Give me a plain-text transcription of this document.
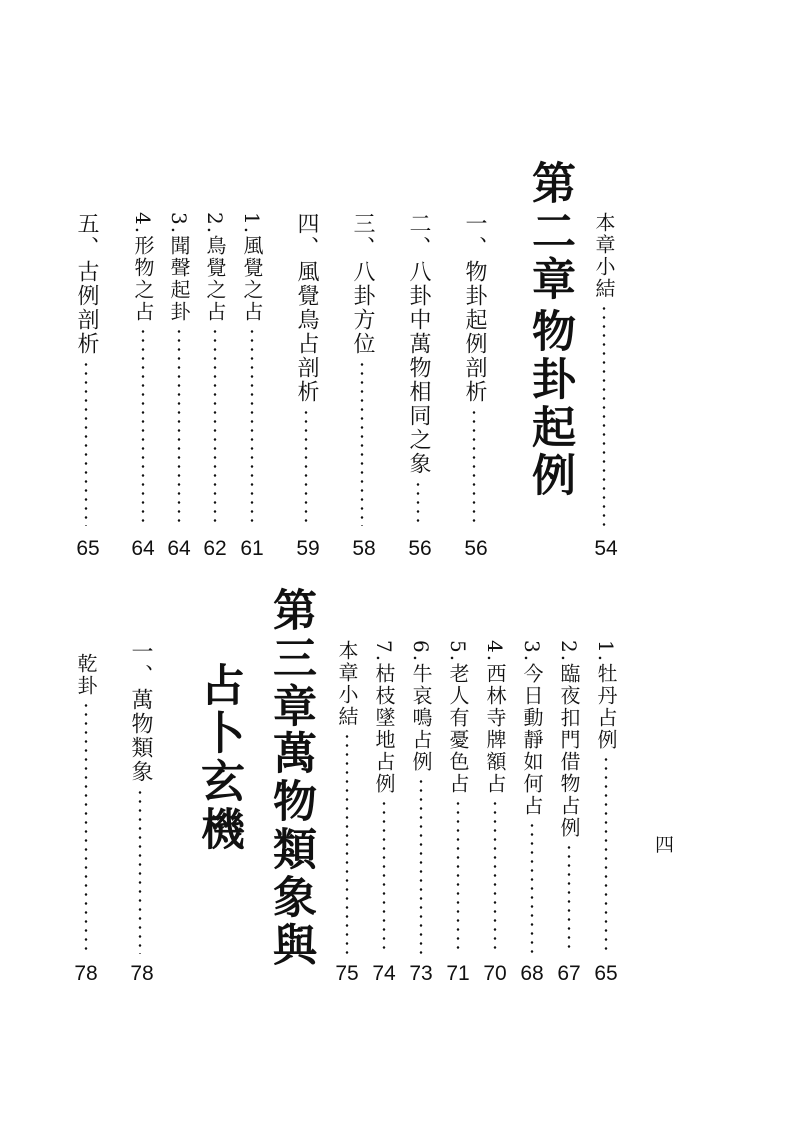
本章小結
54
第二章
物卦起例
一、物卦起例剖析
56
二、八卦中萬物相同之象
56
三、八卦方位
58
四、風覺鳥占剖析
59
1.風覺之占
61
2.鳥覺之占
62
3.聞聲起卦
64
4.形物之占
64
五、古例剖析
65
1.牡丹占例
65
2.臨夜扣門借物占例
67
3.今日動靜如何占
68
4.西林寺牌額占
70
5.老人有憂色占
71
6.牛哀鳴占例
73
7.枯枝墜地占例
74
本章小結
75
第三章
萬物類象與
占卜玄機
一、萬物類象
78
乾卦
78
四
